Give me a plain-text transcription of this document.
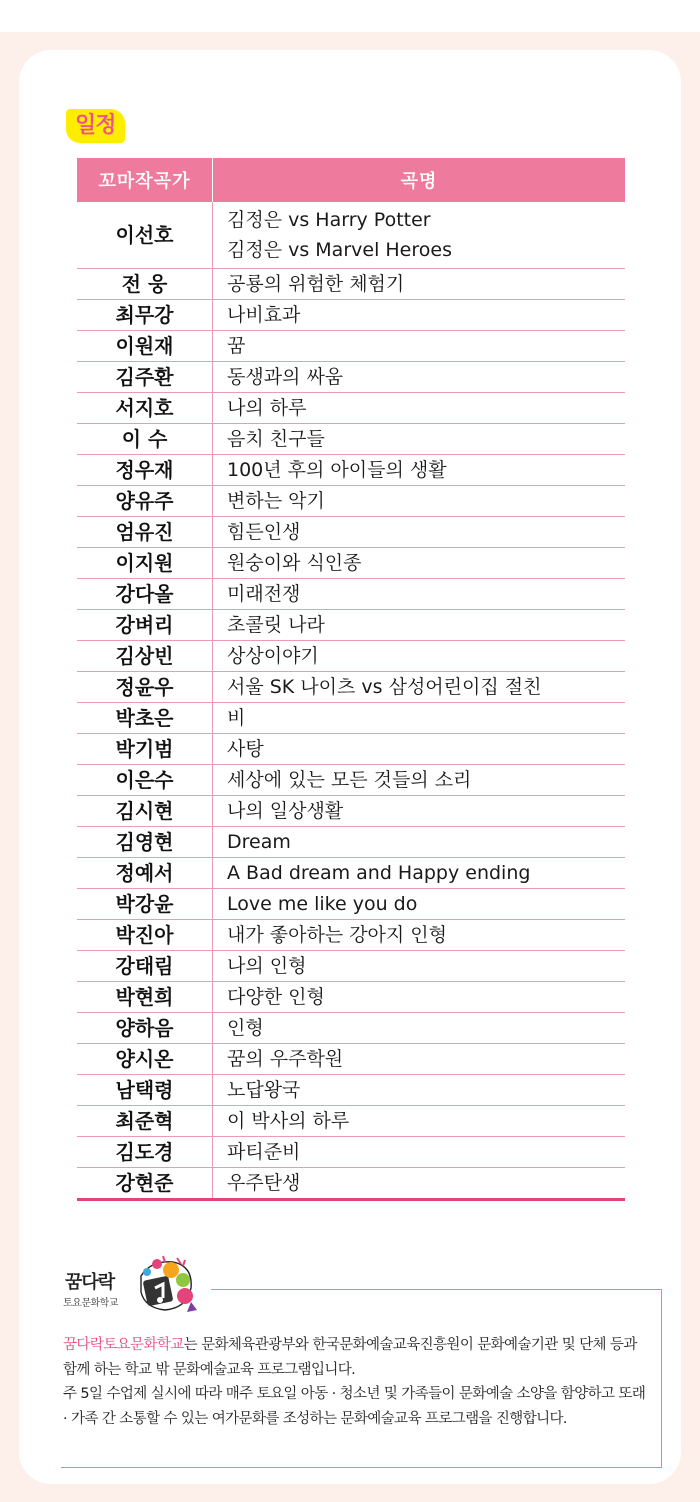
일정
꼬마작곡가	곡명
이선호	김정은 vs Harry Potter
김정은 vs Marvel Heroes

전 웅	공룡의 위험한 체험기

최무강	나비효과

이원재	꿈

김주환	동생과의 싸움

서지호	나의 하루

이 수	음치 친구들

정우재	100년 후의 아이들의 생활

양유주	변하는 악기

엄유진	힘든인생

이지원	원숭이와 식인종

강다올	미래전쟁

강벼리	초콜릿 나라

김상빈	상상이야기

정윤우	서울 SK 나이츠 vs 삼성어린이집 절친

박초은	비

박기범	사탕

이은수	세상에 있는 모든 것들의 소리

김시현	나의 일상생활

김영현	Dream

정예서	A Bad dream and Happy ending

박강윤	Love me like you do

박진아	내가 좋아하는 강아지 인형

강태림	나의 인형

박현희	다양한 인형

양하음	인형

양시온	꿈의 우주학원

남택령	노답왕국

최준혁	이 박사의 하루

김도경	파티준비

강현준	우주탄생
꿈다락
토요문화학교

꿈다락토요문화학교는 문화체육관광부와 한국문화예술교육진흥원이 문화예술기관 및 단체 등과 함께 하는 학교 밖 문화예술교육 프로그램입니다.

주 5일 수업제 실시에 따라 매주 토요일 아동 · 청소년 및 가족들이 문화예술 소양을 함양하고 또래 · 가족 간 소통할 수 있는 여가문화를 조성하는 문화예술교육 프로그램을 진행합니다.
